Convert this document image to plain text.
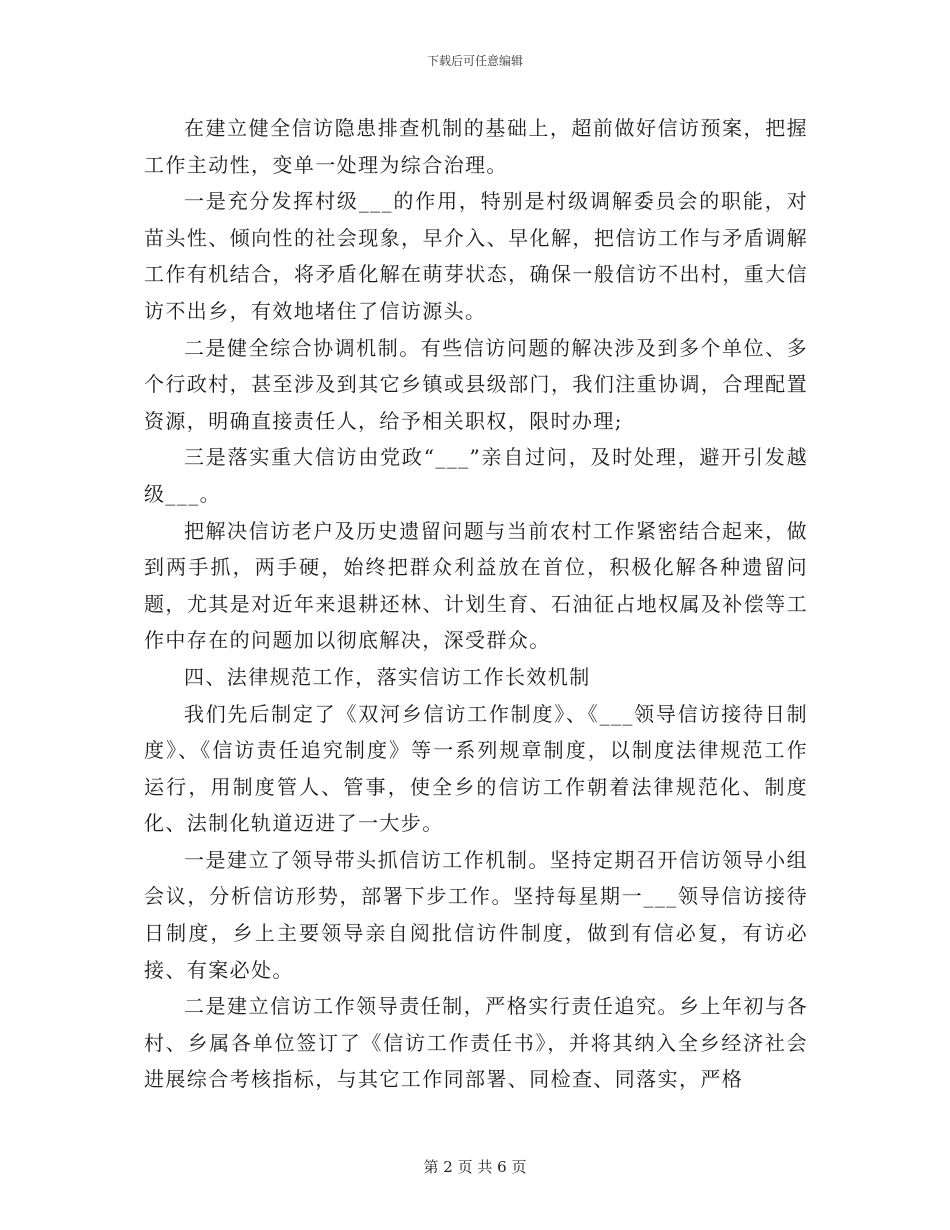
下载后可任意编辑

在建立健全信访隐患排查机制的基础上，超前做好信访预案，把握工作主动性，变单一处理为综合治理。

一是充分发挥村级___的作用，特别是村级调解委员会的职能，对苗头性、倾向性的社会现象，早介入、早化解，把信访工作与矛盾调解工作有机结合，将矛盾化解在萌芽状态，确保一般信访不出村，重大信访不出乡，有效地堵住了信访源头。

二是健全综合协调机制。有些信访问题的解决涉及到多个单位、多个行政村，甚至涉及到其它乡镇或县级部门，我们注重协调，合理配置资源，明确直接责任人，给予相关职权，限时办理;

三是落实重大信访由党政“___”亲自过问，及时处理，避开引发越级___。

把解决信访老户及历史遗留问题与当前农村工作紧密结合起来，做到两手抓，两手硬，始终把群众利益放在首位，积极化解各种遗留问题，尤其是对近年来退耕还林、计划生育、石油征占地权属及补偿等工作中存在的问题加以彻底解决，深受群众。

四、法律规范工作，落实信访工作长效机制

我们先后制定了《双河乡信访工作制度》、《___领导信访接待日制度》、《信访责任追究制度》等一系列规章制度，以制度法律规范工作运行，用制度管人、管事，使全乡的信访工作朝着法律规范化、制度化、法制化轨道迈进了一大步。

一是建立了领导带头抓信访工作机制。坚持定期召开信访领导小组会议，分析信访形势，部署下步工作。坚持每星期一___领导信访接待日制度，乡上主要领导亲自阅批信访件制度，做到有信必复，有访必接、有案必处。

二是建立信访工作领导责任制，严格实行责任追究。乡上年初与各村、乡属各单位签订了《信访工作责任书》，并将其纳入全乡经济社会进展综合考核指标，与其它工作同部署、同检查、同落实，严格

第 2 页 共 6 页
